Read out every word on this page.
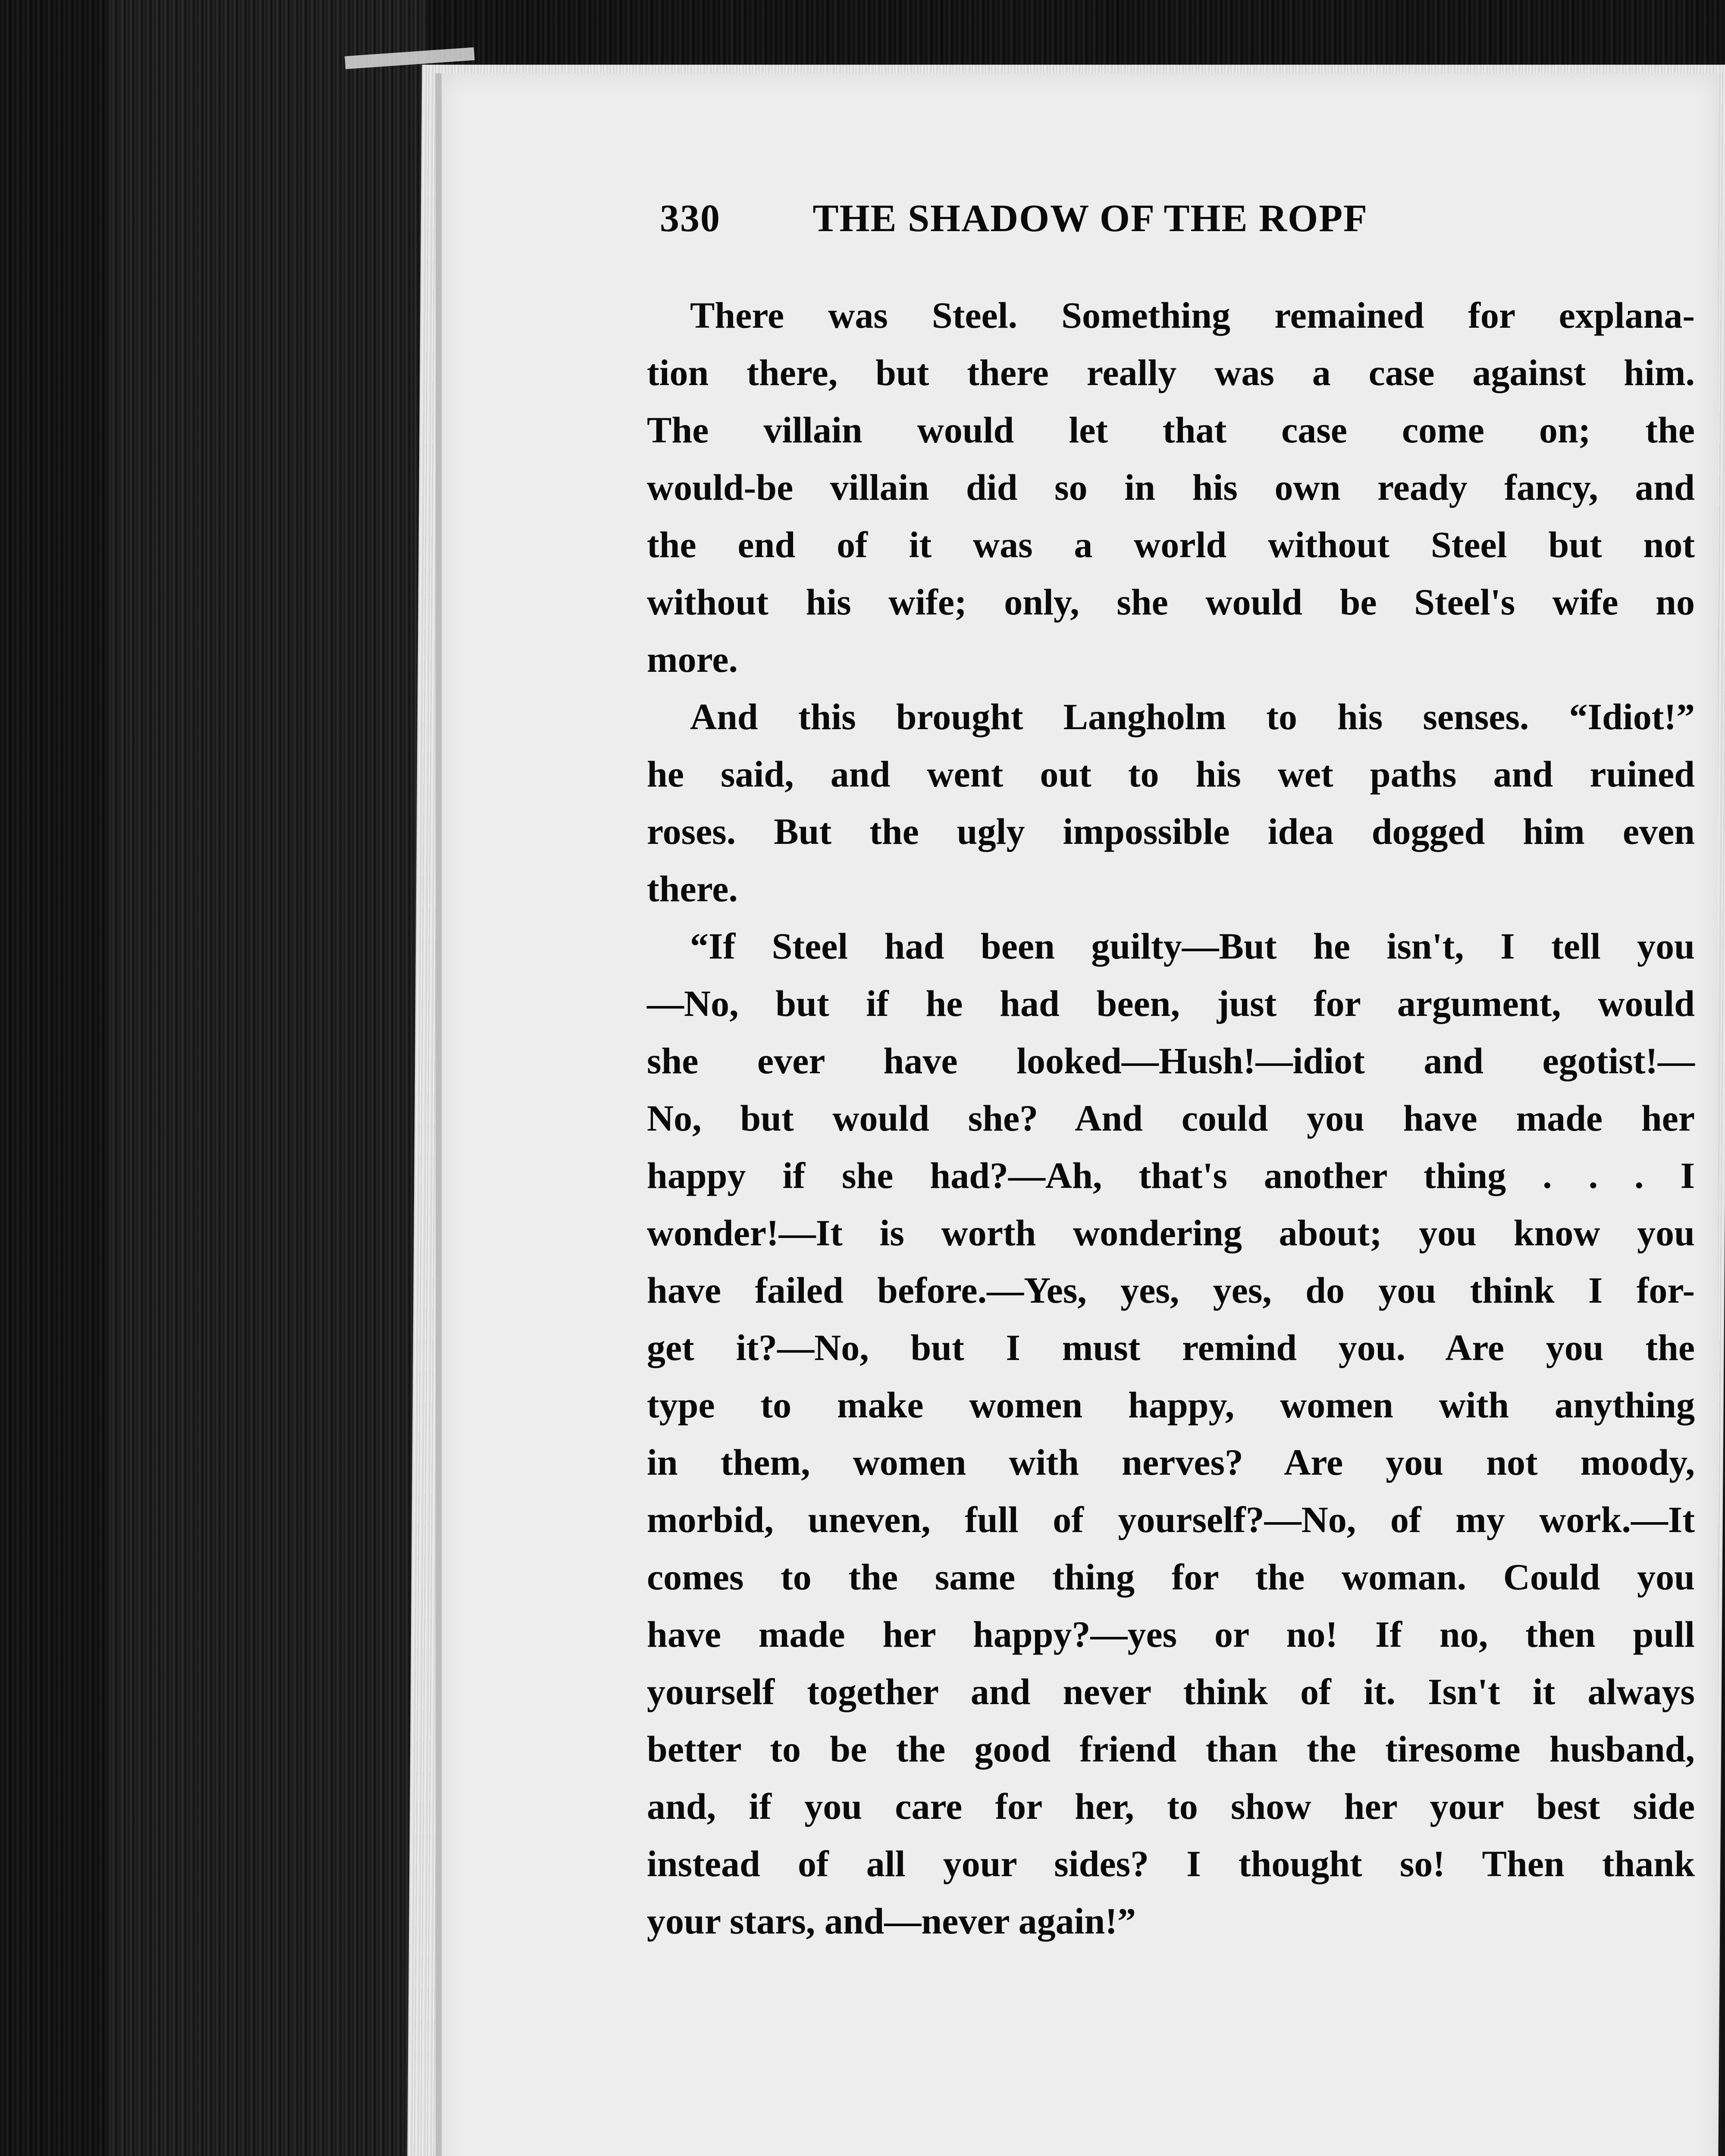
330 THE SHADOW OF THE ROPF
There was Steel. Something remained for explana-
tion there, but there really was a case against him.
The villain would let that case come on; the
would-be villain did so in his own ready fancy, and
the end of it was a world without Steel but not
without his wife; only, she would be Steel's wife no
more.
And this brought Langholm to his senses. “Idiot!”
he said, and went out to his wet paths and ruined
roses. But the ugly impossible idea dogged him even
there.
“If Steel had been guilty—But he isn't, I tell you
—No, but if he had been, just for argument, would
she ever have looked—Hush!—idiot and egotist!—
No, but would she? And could you have made her
happy if she had?—Ah, that's another thing . . . I
wonder!—It is worth wondering about; you know you
have failed before.—Yes, yes, yes, do you think I for-
get it?—No, but I must remind you. Are you the
type to make women happy, women with anything
in them, women with nerves? Are you not moody,
morbid, uneven, full of yourself?—No, of my work.—It
comes to the same thing for the woman. Could you
have made her happy?—yes or no! If no, then pull
yourself together and never think of it. Isn't it always
better to be the good friend than the tiresome husband,
and, if you care for her, to show her your best side
instead of all your sides? I thought so! Then thank
your stars, and—never again!”
